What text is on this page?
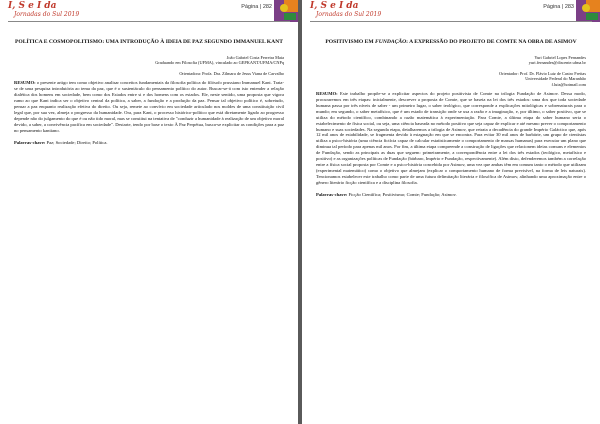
I, S e I da
Jornadas do Sul 2019
Página | 282
POLÍTICA E COSMOPOLITISMO: UMA INTRODUÇÃO À IDEIA DE PAZ SEGUNDO IMMANUEL KANT
João Gabriel Costa Ferreira Maia
Graduando em Filosofia (UFMA), vinculado ao GEPKANT/UFMA/CNPq
Orientadora: Profa. Dra. Zilmara de Jesus Viana de Carvalho
RESUMO: o presente artigo tem como objetivo analisar conceitos fundamentais da filosofia política do filósofo prussiano Immanuel Kant. Trata-se de uma pesquisa introdutória ao tema da paz, que é o sustentáculo do pensamento político do autor. Buscar-se-á com isto entender a relação dialética dos homens em sociedade, bem como dos Estados entre si e dos homens com os estados. Ele, neste sentido, uma proposta que vigora rumo ao que Kant indica ser o objetivo central da política, a saber, a fundação e a produção da paz. Pensar tal objetivo político é, sobretudo, pensar a paz enquanto realização efetiva do direito. Ou seja, remete ao convívio em sociedade articulado nos moldes de uma constituição civil legal que, por sua vez, almeja o progresso da humanidade. Ora, para Kant, o processo histórico-político que está diretamente ligado ao progresso depende não do julgamento do que é ou não tido moral, mas se constitui na tentativa de "conduzir a humanidade à realização de um objetivo moral devido, a saber, a convivência pacífica em sociedade". Destarte, tendo por base o texto À Paz Perpétua, busca-se explicitar as condições para a paz no pensamento kantiano.
Palavras-chave: Paz; Sociedade; Direito; Política.
I, S e I da
Jornadas do Sul 2019
Página | 283
POSITIVISMO EM FUNDAÇÃO: A EXPRESSÃO DO PROJETO DE COMTE NA OBRA DE ASIMOV
Yuri Gabriel Lopes Fernandes
yuri.fernandes@discente.ufma.br
Orientador: Prof. Dr. Flávio Luiz de Castro Freitas
Universidade Federal do Maranhão
f.luiz@hotmail.com
RESUMO: Este trabalho propõe-se a explicitar aspectos do projeto positivista de Comte na trilogia Fundação de Asimov. Dessa modo, procuraremos em três etapas: inicialmente, descrever a proposta de Comte, que se baseia na lei dos três estados: uma dos que toda sociedade humana passa por três níveis de saber - um primeiro lugar, o saber teológico, que corresponde a explicações mitológicas e sobrenaturais para o mundo; em segundo, o saber metafísico, que é um estado de transição onde se usa a razão e a imaginação, e, por último, o saber positivo, que se utiliza do método científico, combinando a razão matemática à experimentação. Para Comte, a última etapa do saber humano seria o estabelecimento de física social, ou seja, uma ciência baseada no método positivo que seja capaz de explicar e até mesmo prever o comportamento humano e suas sociedades. Na segunda etapa, detalharemos a trilogia de Asimov, que retrata a decadência do grande Império Galáctico que, após 12 mil anos de estabilidade, se fragmenta devido à estagnação em que se encontra. Para evitar 30 mil anos de barbárie, um grupo de cientistas utiliza a psico-história (uma ciência fictícia capaz de calcular estatisticamente o comportamento de massas humanas) para executar um plano que diminua tal período para apenas mil anos. Por fim, a última etapa compreende a construção de ligações que relacionem ideias comuns e elementos de Fundação, sendo as principais as duas que seguem: primeiramente, a correspondência entre a lei dos três estados (teológico, metafísico e positivo) e as organizações políticas de Fundação (bárbaro, Império e Fundação, respectivamente). Além disto, defenderemos também a correlação entre a física social proposta por Comte e a psico-história concebida por Asimov, uma vez que ambas têm em comum tanto o método que utilizam (experimental matemático) como o objetivo que almejam (explicar o comportamento humano de forma previsível, na forma de leis naturais). Tencionamos estabelecer este trabalho como parte de uma futura delimitação literária e filosófica de Asimov, alinhando uma aproximação entre o gênero literário ficção científica e a disciplina filosofia.
Palavras-chave: Ficção Científica; Positivismo; Comte; Fundação; Asimov.
